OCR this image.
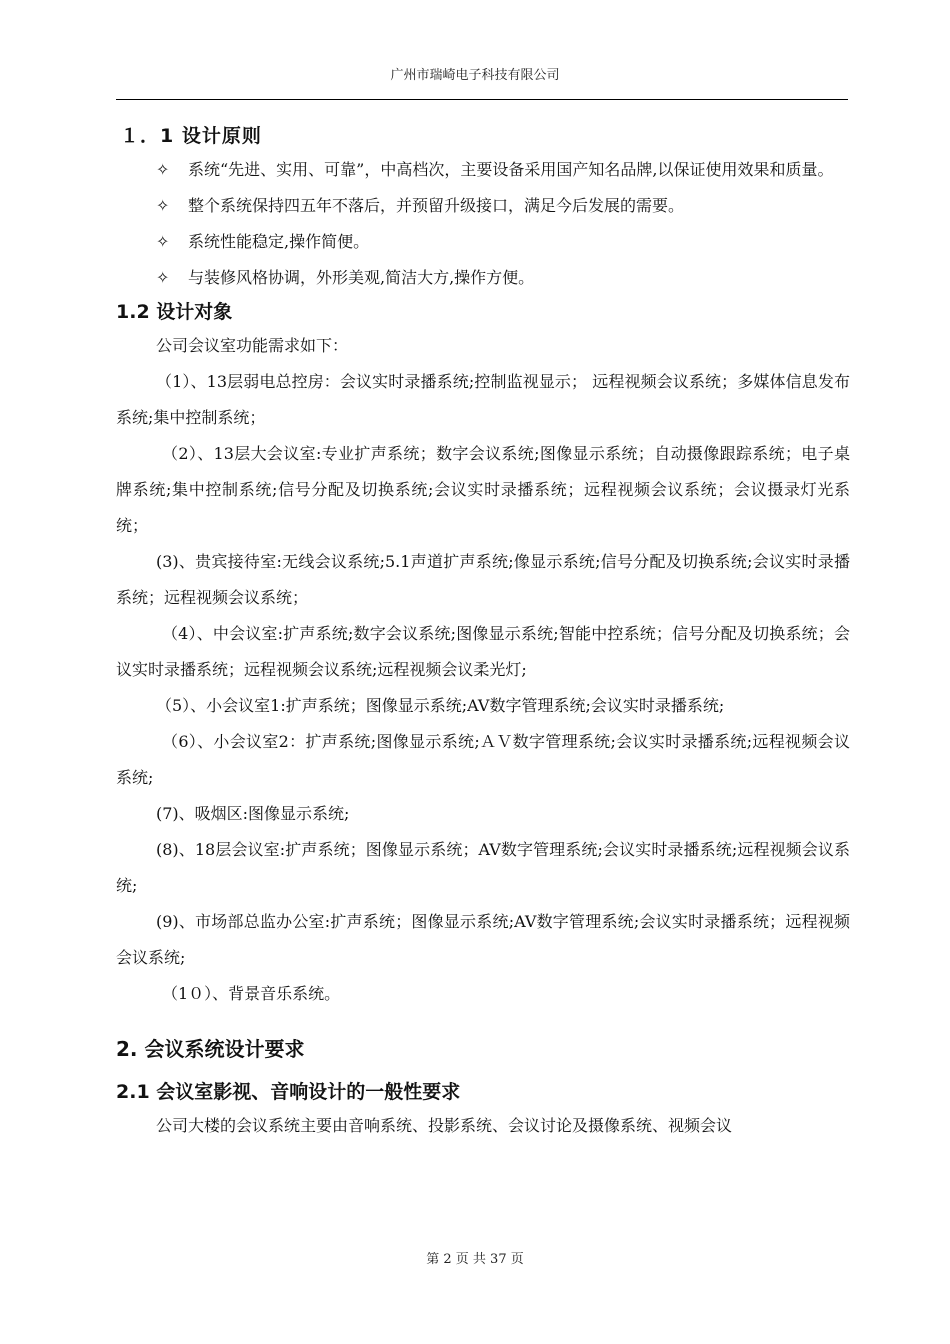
广州市瑞崎电子科技有限公司
１．1 设计原则
✧ 系统“先进、实用、可靠”，中高档次，主要设备采用国产知名品牌,以保证使用效果和质量。
✧ 整个系统保持四五年不落后，并预留升级接口，满足今后发展的需要。
✧ 系统性能稳定,操作简便。
✧ 与装修风格协调，外形美观,简洁大方,操作方便。
1.2 设计对象

公司会议室功能需求如下：

（1）、13层弱电总控房：会议实时录播系统;控制监视显示； 远程视频会议系统；多媒体信息发布系统;集中控制系统；

（2）、13层大会议室:专业扩声系统；数字会议系统;图像显示系统；自动摄像跟踪系统；电子桌牌系统;集中控制系统;信号分配及切换系统;会议实时录播系统；远程视频会议系统；会议摄录灯光系统；

(3)、贵宾接待室:无线会议系统;5.1声道扩声系统;像显示系统;信号分配及切换系统;会议实时录播系统；远程视频会议系统；

（4）、中会议室:扩声系统;数字会议系统;图像显示系统;智能中控系统；信号分配及切换系统；会议实时录播系统；远程视频会议系统;远程视频会议柔光灯;

（5）、小会议室1:扩声系统；图像显示系统;AV数字管理系统;会议实时录播系统;

（6）、小会议室2：扩声系统;图像显示系统;ＡＶ数字管理系统;会议实时录播系统;远程视频会议系统;

(7)、吸烟区:图像显示系统;

(8)、18层会议室:扩声系统；图像显示系统；AV数字管理系统;会议实时录播系统;远程视频会议系统;

(9)、市场部总监办公室:扩声系统；图像显示系统;AV数字管理系统;会议实时录播系统；远程视频会议系统;

（1０）、背景音乐系统。

2. 会议系统设计要求
2.1 会议室影视、音响设计的一般性要求

公司大楼的会议系统主要由音响系统、投影系统、会议讨论及摄像系统、视频会议

第 2 页 共 37 页
